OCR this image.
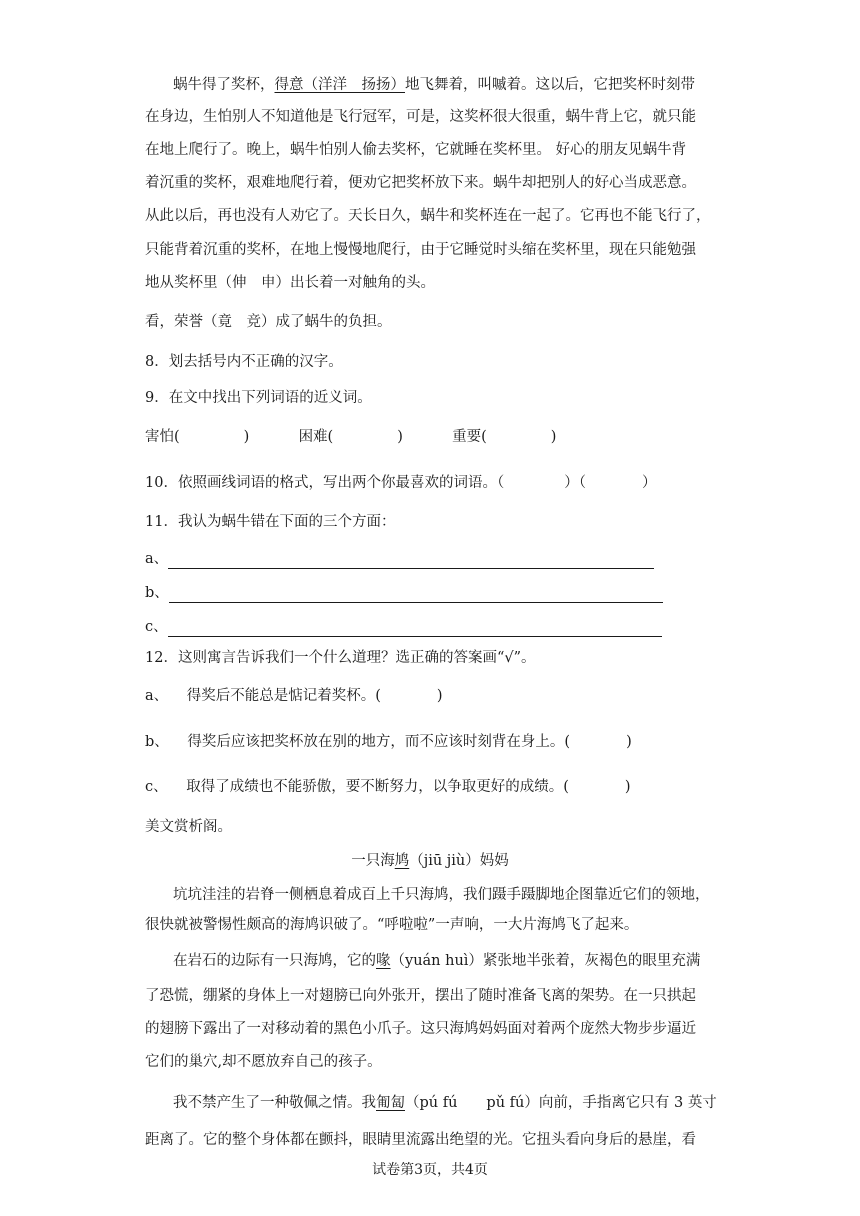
蜗牛得了奖杯，得意（洋洋　扬扬）地飞舞着，叫嘁着。这以后，它把奖杯时刻带
在身边，生怕别人不知道他是飞行冠军，可是，这奖杯很大很重，蜗牛背上它，就只能
在地上爬行了。晚上，蜗牛怕别人偷去奖杯，它就睡在奖杯里。 好心的朋友见蜗牛背
着沉重的奖杯，艰难地爬行着，便劝它把奖杯放下来。蜗牛却把别人的好心当成恶意。
从此以后，再也没有人劝它了。天长日久，蜗牛和奖杯连在一起了。它再也不能飞行了，
只能背着沉重的奖杯，在地上慢慢地爬行，由于它睡觉时头缩在奖杯里，现在只能勉强
地从奖杯里（伸　申）出长着一对触角的头。
看，荣誉（竟　竞）成了蜗牛的负担。
8．划去括号内不正确的汉字。
9．在文中找出下列词语的近义词。
害怕(	)	困难(	)	重要(	)
10．依照画线词语的格式，写出两个你最喜欢的词语。（	）（	）
11．我认为蜗牛错在下面的三个方面：
a、
b、
c、
12．这则寓言告诉我们一个什么道理？选正确的答案画“√”。
a、 得奖后不能总是惦记着奖杯。(	)
b、 得奖后应该把奖杯放在别的地方，而不应该时刻背在身上。(	)
c、 取得了成绩也不能骄傲，要不断努力，以争取更好的成绩。(	)
美文赏析阁。
一只海鸠（jiū jiù）妈妈
坑坑洼洼的岩脊一侧栖息着成百上千只海鸠，我们蹑手蹑脚地企图靠近它们的领地，
很快就被警惕性颇高的海鸠识破了。“呼啦啦”一声响，一大片海鸠飞了起来。
在岩石的边际有一只海鸠，它的喙（yuán huì）紧张地半张着，灰褐色的眼里充满
了恐慌，绷紧的身体上一对翅膀已向外张开，摆出了随时准备飞离的架势。在一只拱起
的翅膀下露出了一对移动着的黑色小爪子。这只海鸠妈妈面对着两个庞然大物步步逼近
它们的巢穴,却不愿放弃自己的孩子。
我不禁产生了一种敬佩之情。我匍匐（pú fú　　pǔ fú）向前，手指离它只有 3 英寸
距离了。它的整个身体都在颤抖，眼睛里流露出绝望的光。它扭头看向身后的悬崖，看
试卷第3页，共4页
